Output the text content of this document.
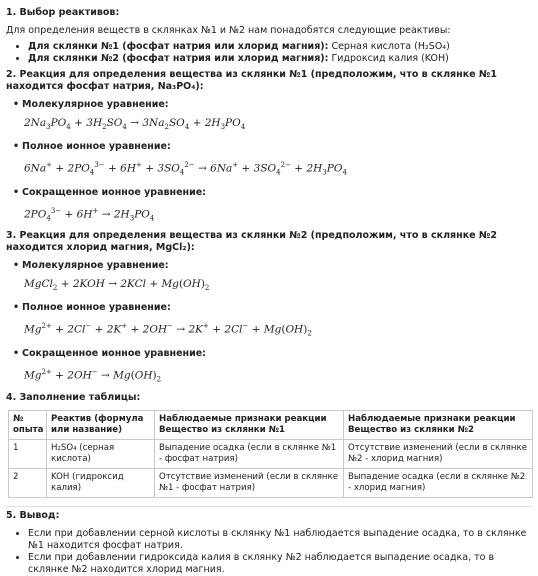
1. Выбор реактивов:

Для определения веществ в склянках №1 и №2 нам понадобятся следующие реактивы:

• Для склянки №1 (фосфат натрия или хлорид магния): Серная кислота (H₂SO₄)
• Для склянки №2 (фосфат натрия или хлорид магния): Гидроксид калия (KOH)
2. Реакция для определения вещества из склянки №1 (предположим, что в склянке №1 находится фосфат натрия, Na₃PO₄):
• Молекулярное уравнение:
$2Na_3PO_4 + 3H_2SO_4 \to 3Na_2SO_4 + 2H_3PO_4$
• Полное ионное уравнение:
$6Na^+ + 2PO_4^{3-} + 6H^+ + 3SO_4^{2-} \to 6Na^+ + 3SO_4^{2-} + 2H_3PO_4$
• Сокращенное ионное уравнение:
$2PO_4^{3-} + 6H^+ \to 2H_3PO_4$
3. Реакция для определения вещества из склянки №2 (предположим, что в склянке №2 находится хлорид магния, MgCl₂):
• Молекулярное уравнение:
MgCl$_2$ + $2KOH \to 2KCl + Mg(OH)_2$
• Полное ионное уравнение:
$Mg^{2+} + 2Cl^- + 2K^+ + 2OH^- \to 2K^+ + 2Cl^- + Mg(OH)_2$
• Сокращенное ионное уравнение:
$Mg^{2+} + 2OH^- \to Mg(OH)_2$
4. Заполнение таблицы:
№ опыта	Реактив (формула или название)	Наблюдаемые признаки реакции Вещество из склянки №1	Наблюдаемые признаки реакции Вещество из склянки №2
1	H₂SO₄ (серная кислота)	Выпадение осадка (если в склянке №1 - фосфат натрия)	Отсутствие изменений (если в склянке №2 - хлорид магния)
2	KOH (гидроксид калия)	Отсутствие изменений (если в склянке №1 - фосфат натрия)	Выпадение осадка (если в склянке №2 - хлорид магния)
5. Вывод:
• Если при добавлении серной кислоты в склянку №1 наблюдается выпадение осадка, то в склянке №1 находится фосфат натрия.
• Если при добавлении гидроксида калия в склянку №2 наблюдается выпадение осадка, то в склянке №2 находится хлорид магния.
